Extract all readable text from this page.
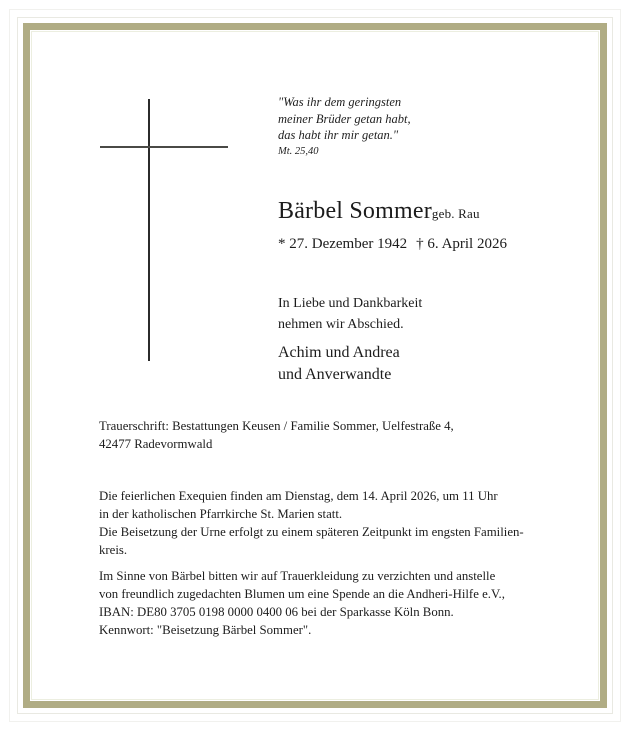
"Was ihr dem geringsten
meiner Brüder getan habt,
das habt ihr mir getan."
Mt. 25,40
Bärbel Sommergeb. Rau
* 27. Dezember 1942 † 6. April 2026
In Liebe und Dankbarkeit
nehmen wir Abschied.
Achim und Andrea
und Anverwandte
Trauerschrift: Bestattungen Keusen / Familie Sommer, Uelfestraße 4,
42477 Radevormwald
Die feierlichen Exequien finden am Dienstag, dem 14. April 2026, um 11 Uhr
in der katholischen Pfarrkirche St. Marien statt.
Die Beisetzung der Urne erfolgt zu einem späteren Zeitpunkt im engsten Familien-
kreis.
Im Sinne von Bärbel bitten wir auf Trauerkleidung zu verzichten und anstelle
von freundlich zugedachten Blumen um eine Spende an die Andheri-Hilfe e.V.,
IBAN: DE80 3705 0198 0000 0400 06 bei der Sparkasse Köln Bonn.
Kennwort: "Beisetzung Bärbel Sommer".
